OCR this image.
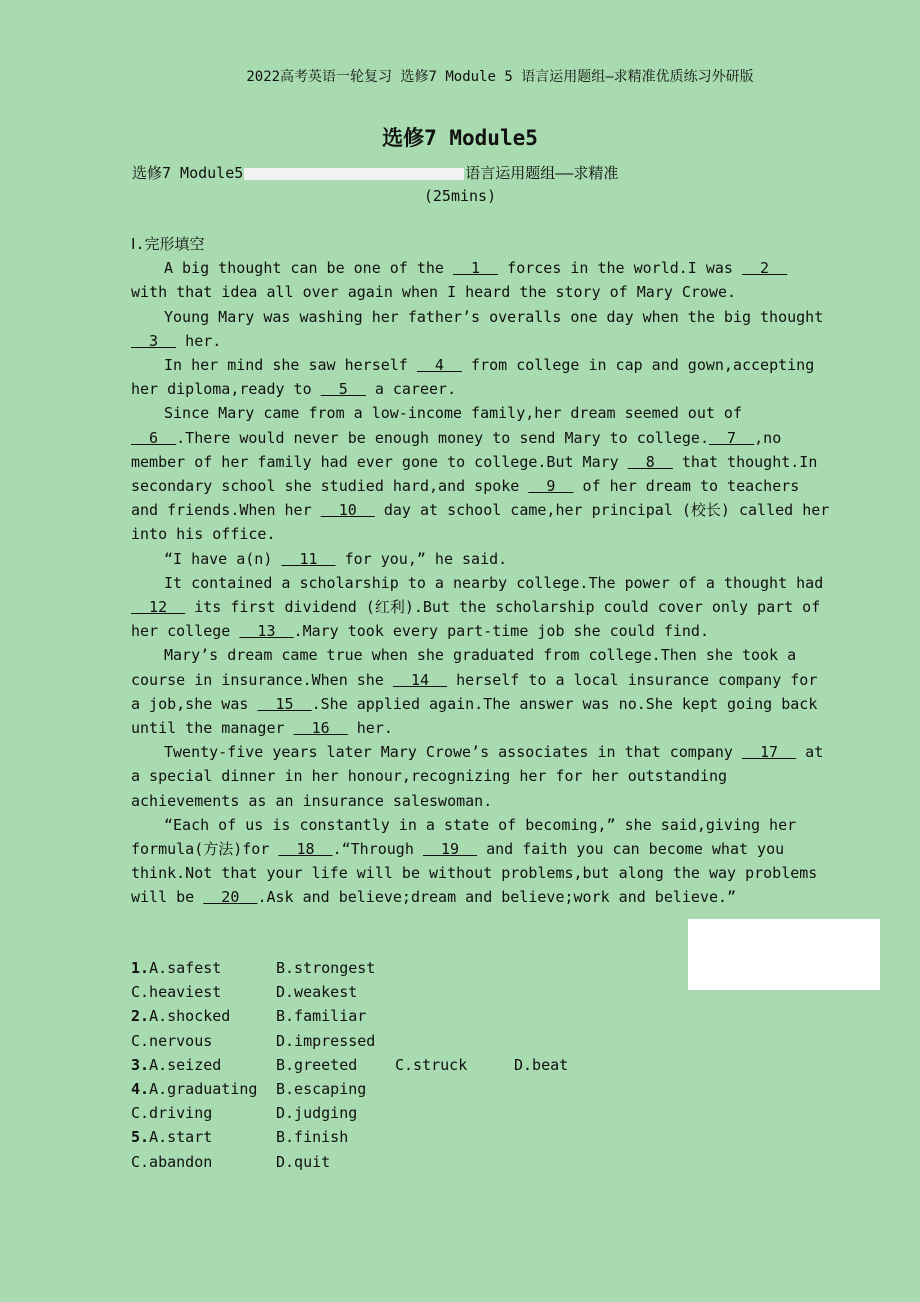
2022高考英语一轮复习 选修7 Module 5 语言运用题组—求精准优质练习外研版
选修7 Module5
选修7 Module5	语言运用题组——求精准
(25mins)

Ⅰ.完形填空

A big thought can be one of the   1   forces in the world.I was   2   with that idea all over again when I heard the story of Mary Crowe.

Young Mary was washing her father’s overalls one day when the big thought   3   her.

In her mind she saw herself   4   from college in cap and gown,accepting her diploma,ready to   5   a career.

Since Mary came from a low-income family,her dream seemed out of   6  .There would never be enough money to send Mary to college.  7  ,no member of her family had ever gone to college.But Mary   8   that thought.In secondary school she studied hard,and spoke   9   of her dream to teachers and friends.When her   10   day at school came,her principal (校长) called her into his office.

“I have a(n)   11   for you,” he said.

It contained a scholarship to a nearby college.The power of a thought had   12   its first dividend (红利).But the scholarship could cover only part of her college   13  .Mary took every part-time job she could find.

Mary’s dream came true when she graduated from college.Then she took a course in insurance.When she   14   herself to a local insurance company for a job,she was   15  .She applied again.The answer was no.She kept going back until the manager   16   her.

Twenty-five years later Mary Crowe’s associates in that company   17   at a special dinner in her honour,recognizing her for her outstanding achievements as an insurance saleswoman.

“Each of us is constantly in a state of becoming,” she said,giving her formula(方法)for   18  .“Through   19   and faith you can become what you think.Not that your life will be without problems,but along the way problems will be   20  .Ask and believe;dream and believe;work and believe.”

1.A.safest	B.strongest
C.heaviest	D.weakest
2.A.shocked	B.familiar
C.nervous	D.impressed
3.A.seized	B.greeted	C.struck	D.beat
4.A.graduating	B.escaping
C.driving	D.judging
5.A.start	B.finish
C.abandon	D.quit
